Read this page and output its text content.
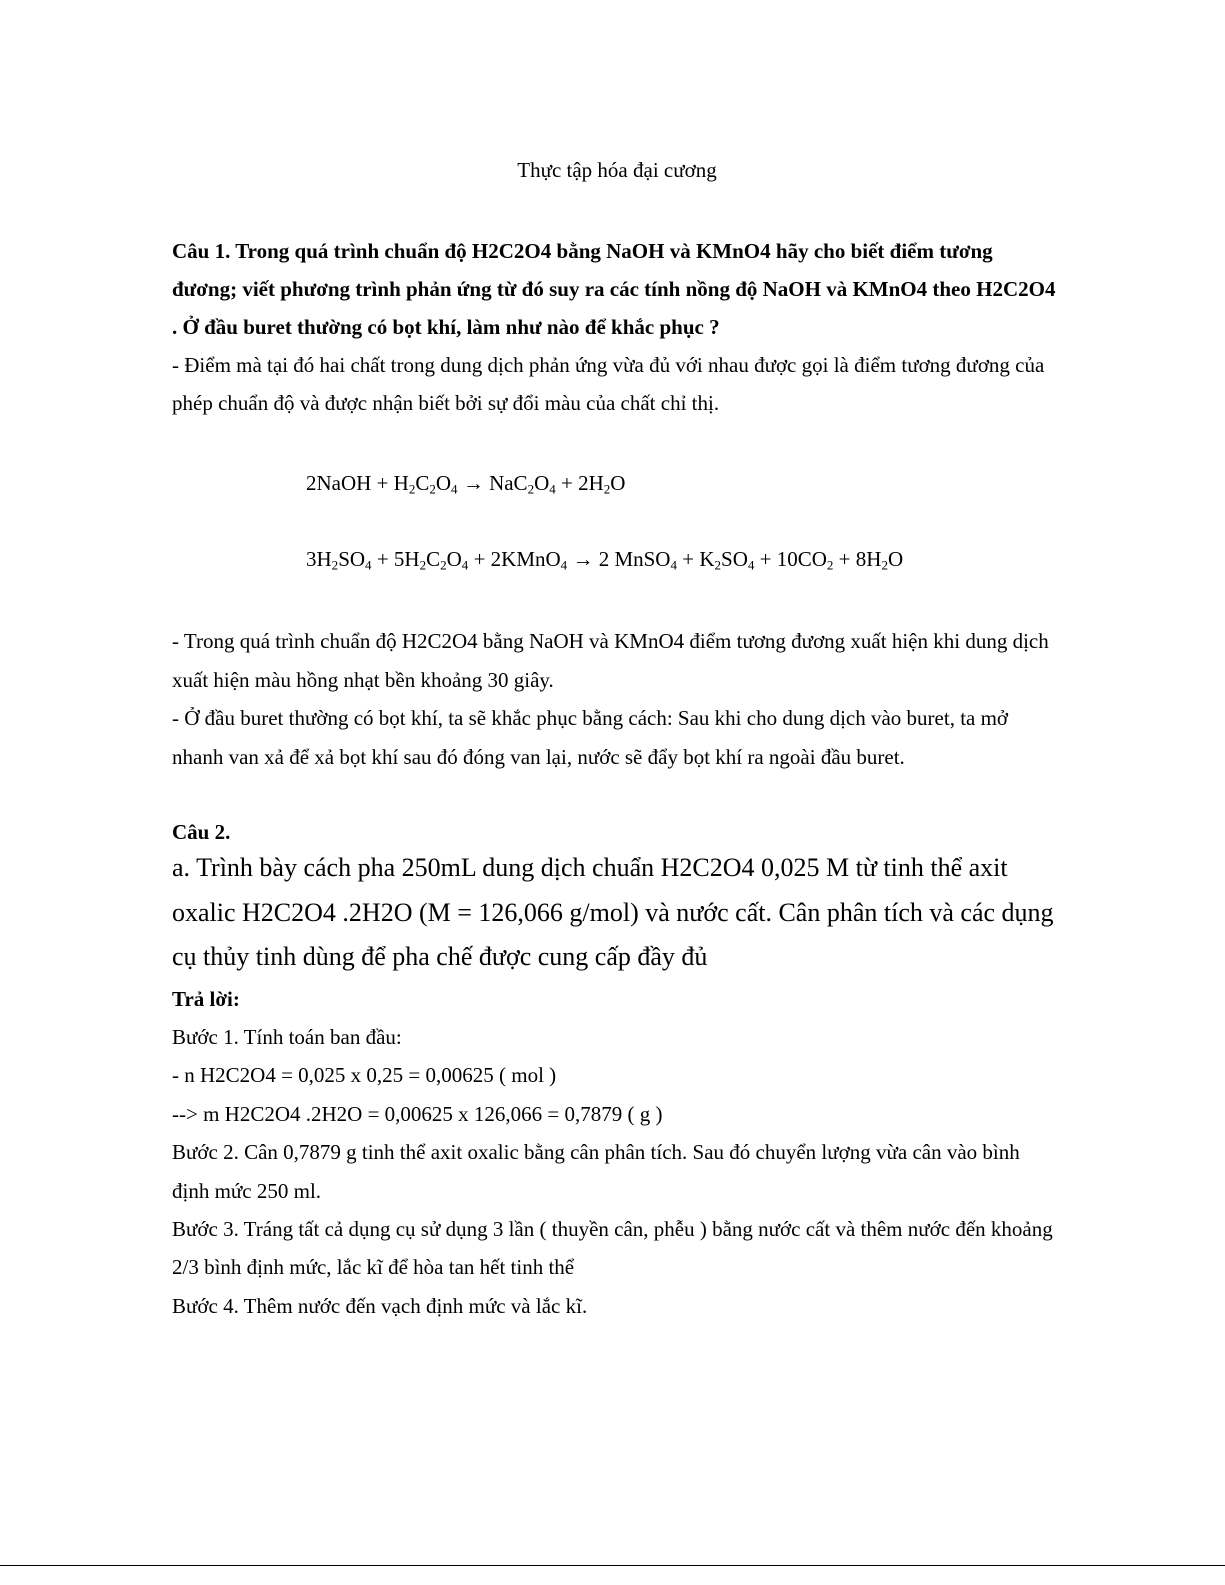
Thực tập hóa đại cương

Câu 1. Trong quá trình chuẩn độ H2C2O4 bằng NaOH và KMnO4 hãy cho biết điểm tương đương; viết phương trình phản ứng từ đó suy ra các tính nồng độ NaOH và KMnO4 theo H2C2O4 . Ở đầu buret thường có bọt khí, làm như nào để khắc phục ?

- Điểm mà tại đó hai chất trong dung dịch phản ứng vừa đủ với nhau được gọi là điểm tương đương của phép chuẩn độ và được nhận biết bởi sự đổi màu của chất chỉ thị.

2NaOH + $H_2C_2O_4 \to NaC_2O_4 + 2H_2O$
$3H_2SO_4 + 5H_2C_2O_4$ + 2KMnO$_4$ → 2 MnSO$_4$ + $K_2SO_4 + 10CO_2 + 8H_2O$

- Trong quá trình chuẩn độ H2C2O4 bằng NaOH và KMnO4 điểm tương đương xuất hiện khi dung dịch xuất hiện màu hồng nhạt bền khoảng 30 giây.

- Ở đầu buret thường có bọt khí, ta sẽ khắc phục bằng cách: Sau khi cho dung dịch vào buret, ta mở nhanh van xả để xả bọt khí sau đó đóng van lại, nước sẽ đẩy bọt khí ra ngoài đầu buret.

Câu 2.

a. Trình bày cách pha 250mL dung dịch chuẩn H2C2O4 0,025 M từ tinh thể axit oxalic H2C2O4 .2H2O (M = 126,066 g/mol) và nước cất. Cân phân tích và các dụng cụ thủy tinh dùng để pha chế được cung cấp đầy đủ

Trả lời:

Bước 1. Tính toán ban đầu:

- n H2C2O4 = 0,025 x 0,25 = 0,00625 ( mol )

--> m H2C2O4 .2H2O = 0,00625 x 126,066 = 0,7879 ( g )

Bước 2. Cân 0,7879 g tinh thể axit oxalic bằng cân phân tích. Sau đó chuyển lượng vừa cân vào bình định mức 250 ml.

Bước 3. Tráng tất cả dụng cụ sử dụng 3 lần ( thuyền cân, phễu ) bằng nước cất và thêm nước đến khoảng 2/3 bình định mức, lắc kĩ để hòa tan hết tinh thể

Bước 4. Thêm nước đến vạch định mức và lắc kĩ.
